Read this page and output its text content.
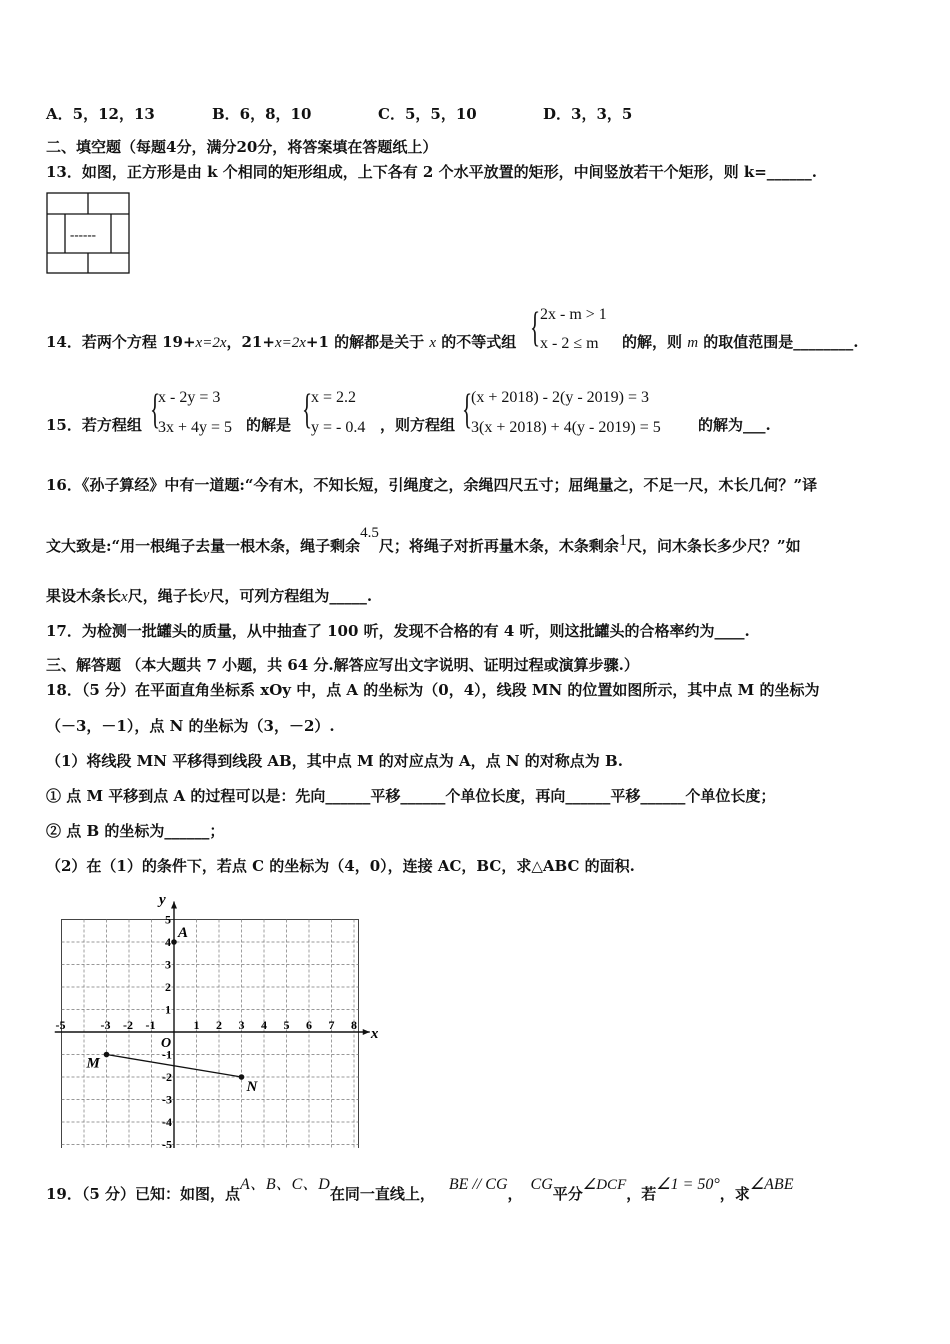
A．5，12，13	B．6，8，10	C．5，5，10	D．3，3，5
二、填空题（每题4分，满分20分，将答案填在答题纸上）
13．如图，正方形是由 k 个相同的矩形组成，上下各有 2 个水平放置的矩形，中间竖放若干个矩形，则 k=______.
------
14．若两个方程 19+x=2x，21+x=2x+1 的解都是关于 x 的不等式组 { 2x - m > 1
x - 2 ≤ m 的解，则 m 的取值范围是________.
15．若方程组 {
x - 2y = 3
3x + 4y = 5 的解是 {
x = 2.2
y = - 0.4 ，则方程组 {
(x + 2018) - 2(y - 2019) = 3
3(x + 2018) + 4(y - 2019) = 5 的解为___.
16．《孙子算经》中有一道题:“今有木，不知长短，引绳度之，余绳四尺五寸；屈绳量之，不足一尺，木长几何？”译
文大致是:“用一根绳子去量一根木条，绳子剩余4.5尺；将绳子对折再量木条，木条剩余1尺，问木条长多少尺？”如
果设木条长x尺，绳子长y尺，可列方程组为_____.
17．为检测一批罐头的质量，从中抽查了 100 听，发现不合格的有 4 听，则这批罐头的合格率约为____.
三、解答题 （本大题共 7 小题，共 64 分.解答应写出文字说明、证明过程或演算步骤.）
18．（5 分）在平面直角坐标系 xOy 中，点 A 的坐标为（0，4），线段 MN 的位置如图所示，其中点 M 的坐标为
（－3，－1），点 N 的坐标为（3，－2）.
（1）将线段 MN 平移得到线段 AB，其中点 M 的对应点为 A，点 N 的对称点为 B.
① 点 M 平移到点 A 的过程可以是：先向______平移______个单位长度，再向______平移______个单位长度；
② 点 B 的坐标为______；
（2）在（1）的条件下，若点 C 的坐标为（4，0），连接 AC，BC，求△ABC 的面积.
x
y
O
-5	-3 -2 -1	1 2 3 4 5 6 7 8
5
4
3
2
1
-1
-2
-3
-4
-5
A
M
N
19．（5 分）已知：如图，点A、B、C、D在同一直线上，BE // CG，CG平分∠DCF，若∠1 = 50°，求∠ABE
